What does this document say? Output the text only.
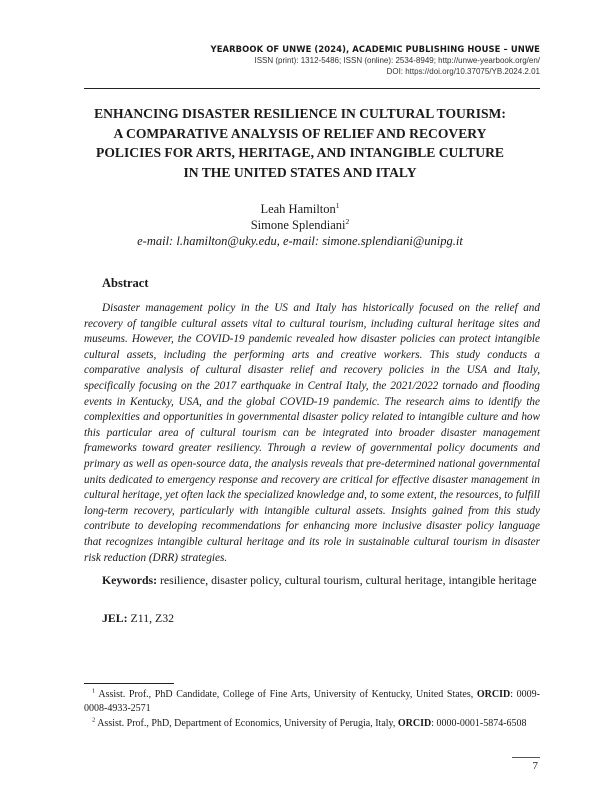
YEARBOOK OF UNWE (2024), ACADEMIC PUBLISHING HOUSE – UNWE
ISSN (print): 1312-5486; ISSN (online): 2534-8949; http://unwe-yearbook.org/en/
DOI: https://doi.org/10.37075/YB.2024.2.01
ENHANCING DISASTER RESILIENCE IN CULTURAL TOURISM:
A COMPARATIVE ANALYSIS OF RELIEF AND RECOVERY
POLICIES FOR ARTS, HERITAGE, AND INTANGIBLE CULTURE
IN THE UNITED STATES AND ITALY
Leah Hamilton$^1$
Simone Splendiani$^2$
e-mail: l.hamilton@uky.edu, e-mail: simone.splendiani@unipg.it
Abstract

Disaster management policy in the US and Italy has historically focused on the relief and recovery of tangible cultural assets vital to cultural tourism, including cultural heritage sites and museums. However, the COVID-19 pandemic revealed how disaster policies can protect intangible cultural assets, including the performing arts and creative workers. This study conducts a comparative analysis of cultural disaster relief and recovery policies in the USA and Italy, specifically focusing on the 2017 earthquake in Central Italy, the 2021/2022 tornado and flooding events in Kentucky, USA, and the global COVID-19 pandemic. The research aims to identify the complexities and opportunities in governmental disaster policy related to intangible culture and how this particular area of cultural tourism can be integrated into broader disaster management frameworks toward greater resiliency. Through a review of governmental policy documents and primary as well as open-source data, the analysis reveals that pre-determined national governmental units dedicated to emergency response and recovery are critical for effective disaster management in cultural heritage, yet often lack the specialized knowledge and, to some extent, the resources, to fulfill long-term recovery, particularly with intangible cultural assets. Insights gained from this study contribute to developing recommendations for enhancing more inclusive disaster policy language that recognizes intangible cultural heritage and its role in sustainable cultural tourism in disaster risk reduction (DRR) strategies.

Keywords: resilience, disaster policy, cultural tourism, cultural heritage, intangible heritage

JEL: Z11, Z32

$^1$ Assist. Prof., PhD Candidate, College of Fine Arts, University of Kentucky, United States, ORCID: 0009-0008-4933-2571

$^2$ Assist. Prof., PhD, Department of Economics, University of Perugia, Italy, ORCID: 0000-0001-5874-6508

7
